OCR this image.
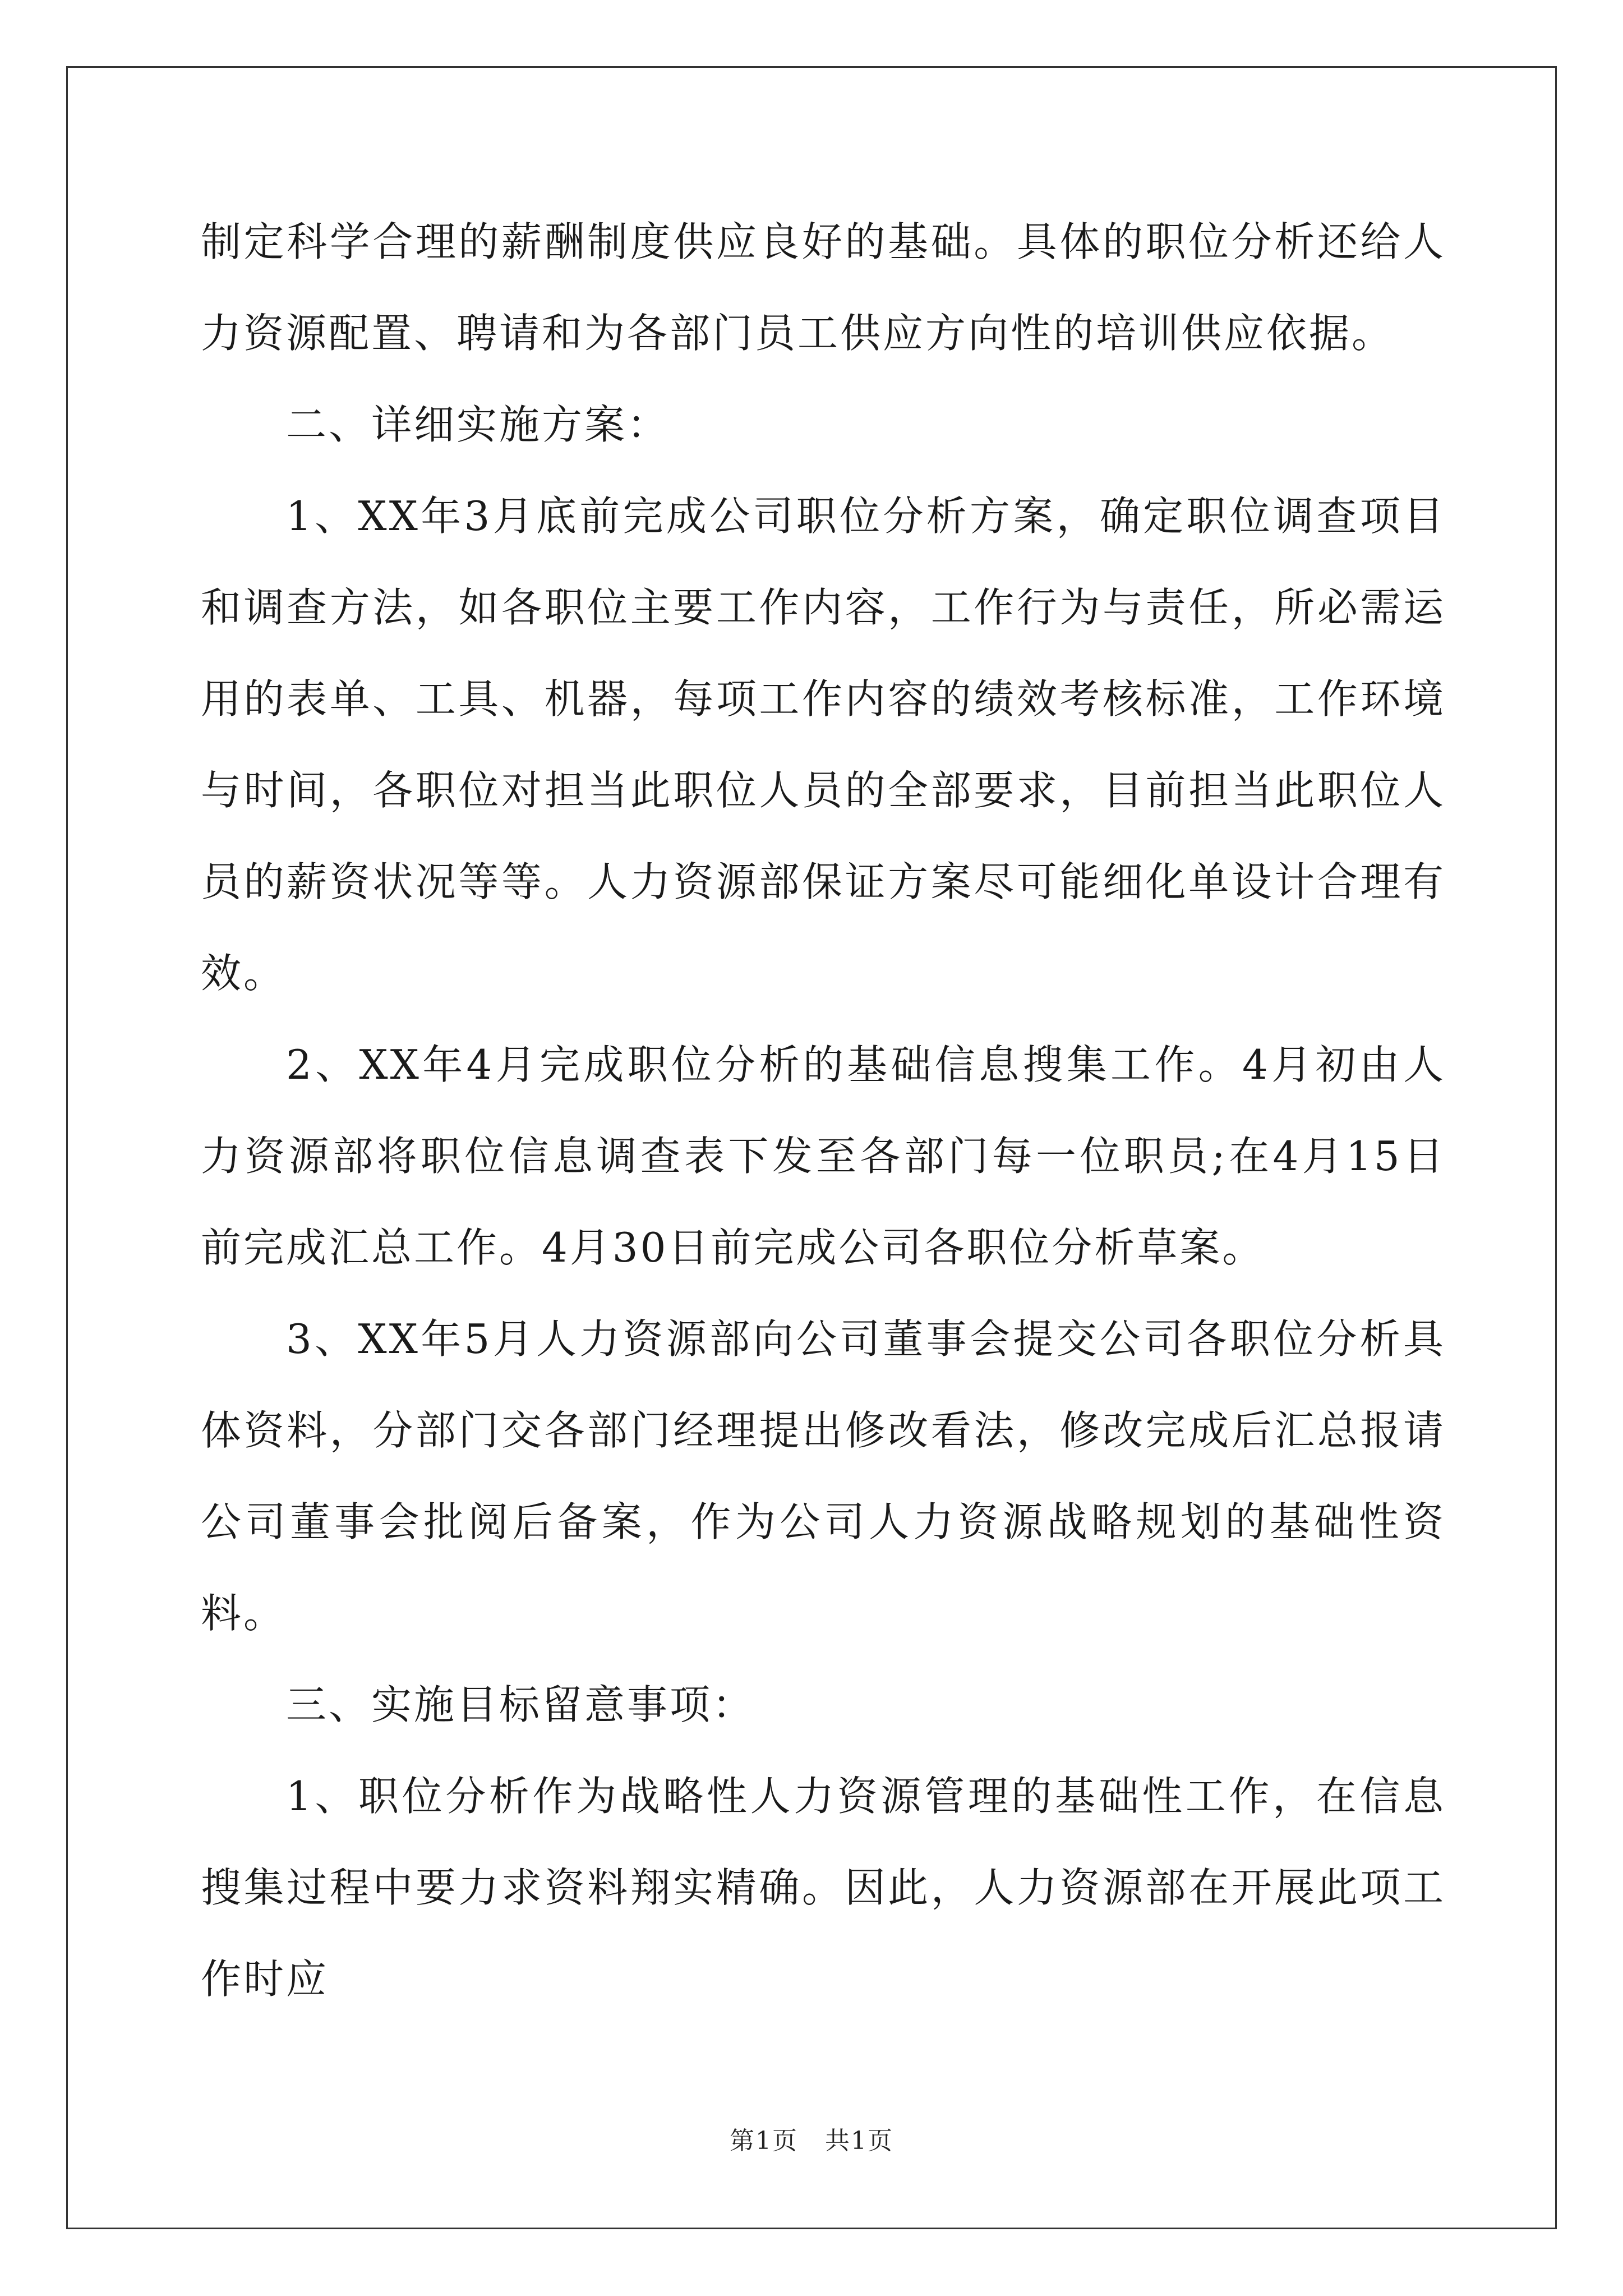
制定科学合理的薪酬制度供应良好的基础。具体的职位分析还给人力资源配置、聘请和为各部门员工供应方向性的培训供应依据。

二、详细实施方案：

1、XX年3月底前完成公司职位分析方案，确定职位调查项目和调查方法，如各职位主要工作内容，工作行为与责任，所必需运用的表单、工具、机器，每项工作内容的绩效考核标准，工作环境与时间，各职位对担当此职位人员的全部要求，目前担当此职位人员的薪资状况等等。人力资源部保证方案尽可能细化单设计合理有效。

2、XX年4月完成职位分析的基础信息搜集工作。4月初由人力资源部将职位信息调查表下发至各部门每一位职员;在4月15日前完成汇总工作。4月30日前完成公司各职位分析草案。

3、XX年5月人力资源部向公司董事会提交公司各职位分析具体资料，分部门交各部门经理提出修改看法，修改完成后汇总报请公司董事会批阅后备案，作为公司人力资源战略规划的基础性资料。

三、实施目标留意事项：

1、职位分析作为战略性人力资源管理的基础性工作，在信息搜集过程中要力求资料翔实精确。因此，人力资源部在开展此项工作时应

第1页 共1页
